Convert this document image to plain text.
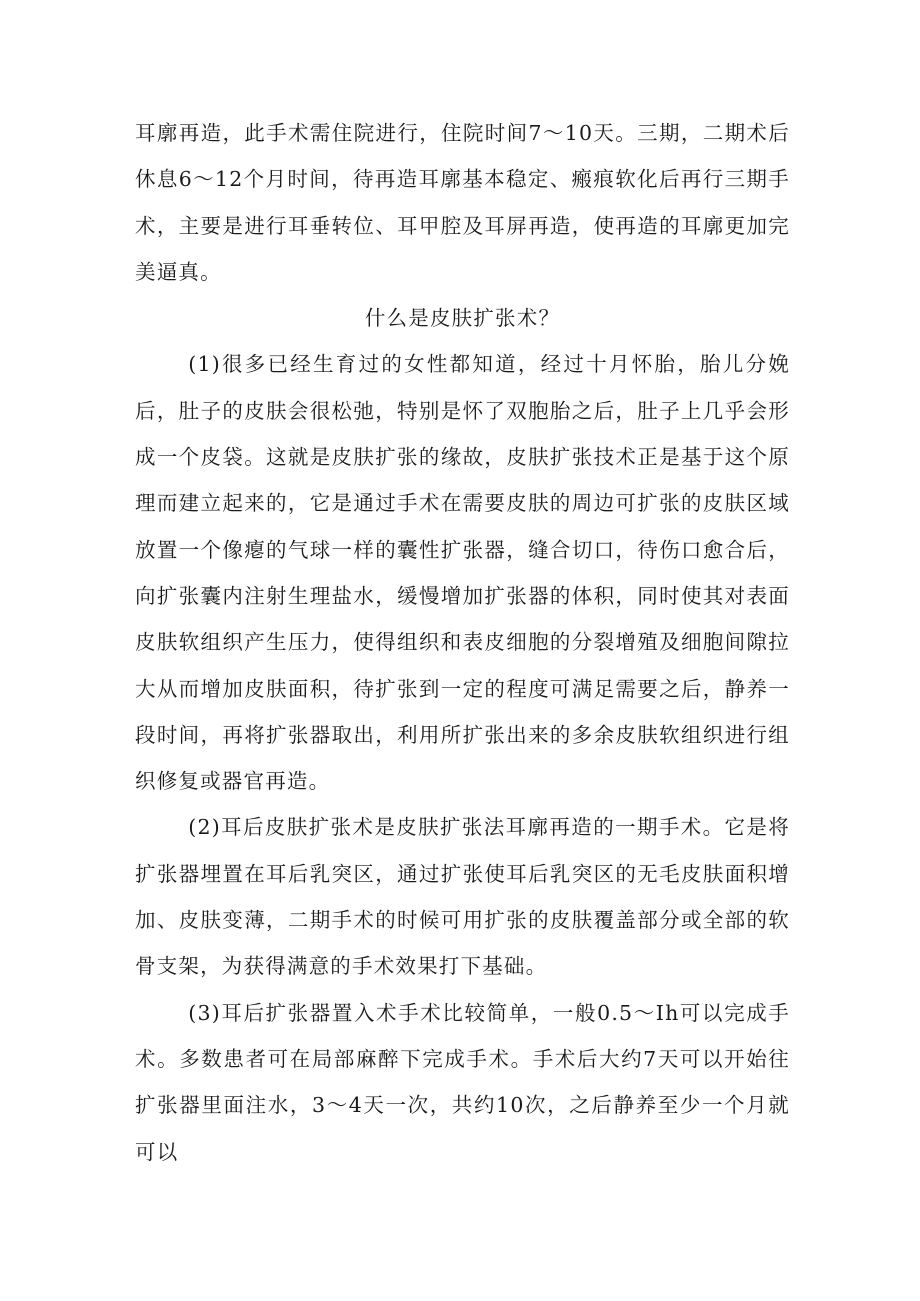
耳廓再造，此手术需住院进行，住院时间7～10天。三期，二期术后休息6～12个月时间，待再造耳廓基本稳定、瘢痕软化后再行三期手术，主要是进行耳垂转位、耳甲腔及耳屏再造，使再造的耳廓更加完美逼真。

什么是皮肤扩张术？

(1)很多已经生育过的女性都知道，经过十月怀胎，胎儿分娩后，肚子的皮肤会很松弛，特别是怀了双胞胎之后，肚子上几乎会形成一个皮袋。这就是皮肤扩张的缘故，皮肤扩张技术正是基于这个原理而建立起来的，它是通过手术在需要皮肤的周边可扩张的皮肤区域放置一个像瘪的气球一样的囊性扩张器，缝合切口，待伤口愈合后，向扩张囊内注射生理盐水，缓慢增加扩张器的体积，同时使其对表面皮肤软组织产生压力，使得组织和表皮细胞的分裂增殖及细胞间隙拉大从而增加皮肤面积，待扩张到一定的程度可满足需要之后，静养一段时间，再将扩张器取出，利用所扩张出来的多余皮肤软组织进行组织修复或器官再造。

(2)耳后皮肤扩张术是皮肤扩张法耳廓再造的一期手术。它是将扩张器埋置在耳后乳突区，通过扩张使耳后乳突区的无毛皮肤面积增加、皮肤变薄，二期手术的时候可用扩张的皮肤覆盖部分或全部的软骨支架，为获得满意的手术效果打下基础。

(3)耳后扩张器置入术手术比较简单，一般0.5～Ih可以完成手术。多数患者可在局部麻醉下完成手术。手术后大约7天可以开始往扩张器里面注水，3～4天一次，共约10次，之后静养至少一个月就可以
